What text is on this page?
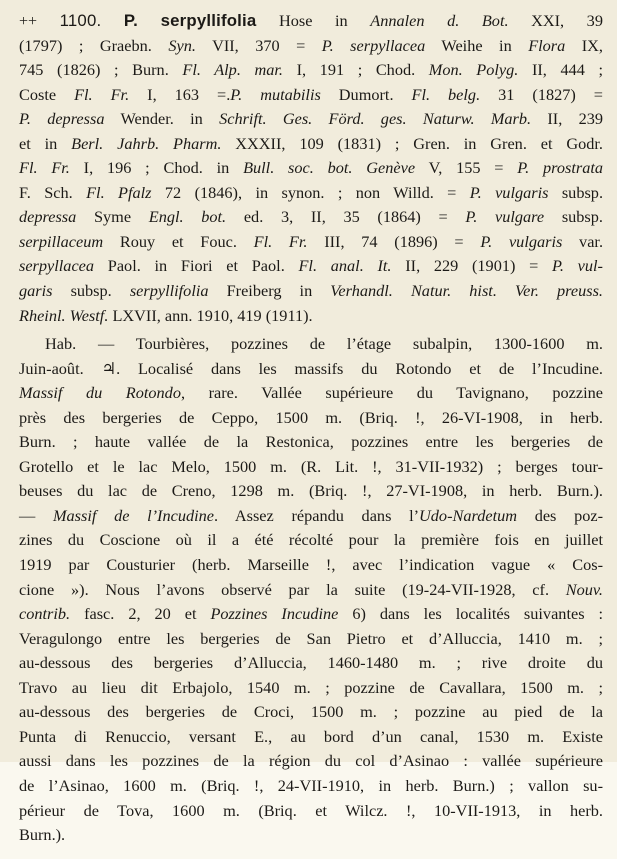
++ 1100. P. serpyllifolia Hose in Annalen d. Bot. XXI, 39
(1797) ; Graebn. Syn. VII, 370 = P. serpyllacea Weihe in Flora IX,
745 (1826) ; Burn. Fl. Alp. mar. I, 191 ; Chod. Mon. Polyg. II, 444 ;
Coste Fl. Fr. I, 163 =.P. mutabilis Dumort. Fl. belg. 31 (1827) =
P. depressa Wender. in Schrift. Ges. Förd. ges. Naturw. Marb. II, 239
et in Berl. Jahrb. Pharm. XXXII, 109 (1831) ; Gren. in Gren. et Godr.
Fl. Fr. I, 196 ; Chod. in Bull. soc. bot. Genève V, 155 = P. prostrata
F. Sch. Fl. Pfalz 72 (1846), in synon. ; non Willd. = P. vulgaris subsp.
depressa Syme Engl. bot. ed. 3, II, 35 (1864) = P. vulgare subsp.
serpillaceum Rouy et Fouc. Fl. Fr. III, 74 (1896) = P. vulgaris var.
serpyllacea Paol. in Fiori et Paol. Fl. anal. It. II, 229 (1901) = P. vul-
garis subsp. serpyllifolia Freiberg in Verhandl. Natur. hist. Ver. preuss.
Rheinl. Westf. LXVII, ann. 1910, 419 (1911).
Hab. — Tourbières, pozzines de l’étage subalpin, 1300-1600 m.
Juin-août. ♃. Localisé dans les massifs du Rotondo et de l’Incudine.
Massif du Rotondo, rare. Vallée supérieure du Tavignano, pozzine
près des bergeries de Ceppo, 1500 m. (Briq. !, 26-VI-1908, in herb.
Burn. ; haute vallée de la Restonica, pozzines entre les bergeries de
Grotello et le lac Melo, 1500 m. (R. Lit. !, 31-VII-1932) ; berges tour-
beuses du lac de Creno, 1298 m. (Briq. !, 27-VI-1908, in herb. Burn.).
— Massif de l’Incudine. Assez répandu dans l’Udo-Nardetum des poz-
zines du Coscione où il a été récolté pour la première fois en juillet
1919 par Cousturier (herb. Marseille !, avec l’indication vague « Cos-
cione »). Nous l’avons observé par la suite (19-24-VII-1928, cf. Nouv.
contrib. fasc. 2, 20 et Pozzines Incudine 6) dans les localités suivantes :
Veragulongo entre les bergeries de San Pietro et d’Alluccia, 1410 m. ;
au-dessous des bergeries d’Alluccia, 1460-1480 m. ; rive droite du
Travo au lieu dit Erbajolo, 1540 m. ; pozzine de Cavallara, 1500 m. ;
au-dessous des bergeries de Croci, 1500 m. ; pozzine au pied de la
Punta di Renuccio, versant E., au bord d’un canal, 1530 m. Existe
aussi dans les pozzines de la région du col d’Asinao : vallée supérieure
de l’Asinao, 1600 m. (Briq. !, 24-VII-1910, in herb. Burn.) ; vallon su-
périeur de Tova, 1600 m. (Briq. et Wilcz. !, 10-VII-1913, in herb.
Burn.).
